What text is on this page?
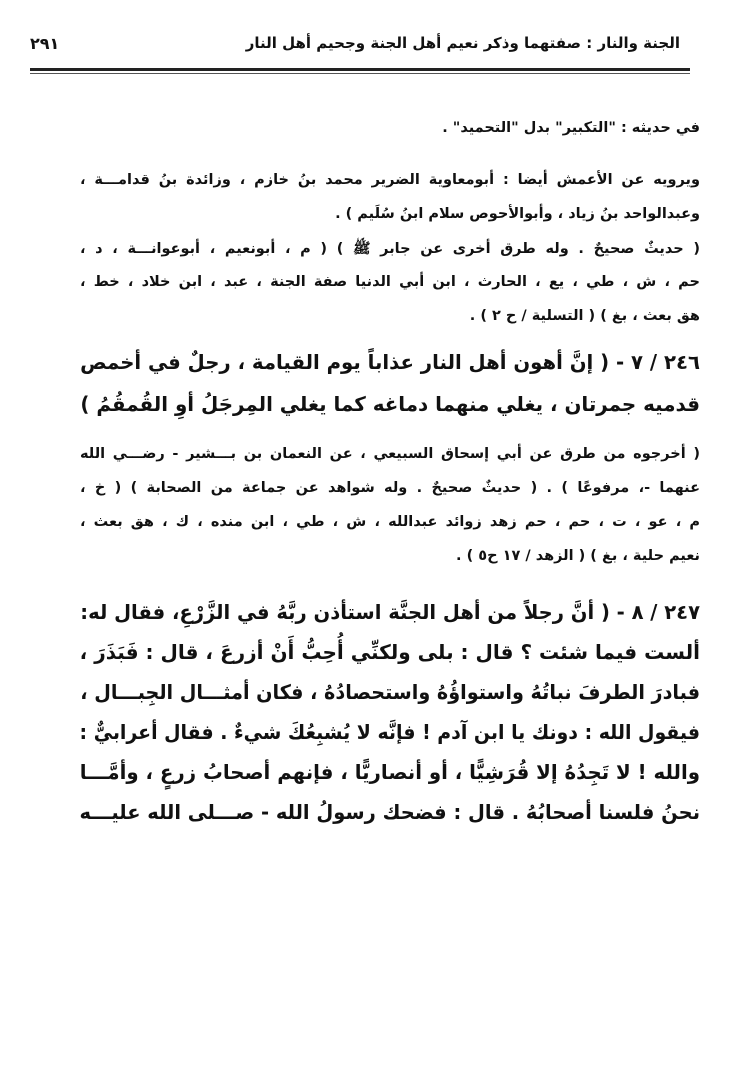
الجنة والنار : صفتهما وذكر نعيم أهل الجنة وجحيم أهل النار
٢٩١
في حديثه : "التكبير" بدل "التحميد" .
ويرويه عن الأعمش أيضا : أبومعاوية الضرير محمد بنُ خازم ، وزائدة بنُ قدامـــة ،
وعبدالواحد بنُ زياد ، وأبوالأحوص سلام ابنُ سُلَيم ) .
( حديثٌ صحيحٌ . وله طرق أخرى عن جابر ﷺ ) ( م ، أبونعيم ، أبوعوانـــة ، د ،
حم ، ش ، طي ، يع ، الحارث ، ابن أبي الدنيا صفة الجنة ، عبد ، ابن خلاد ، خط ،
هق بعث ، بغ ) ( التسلية / ح ٢ ) .
٢٤٦ / ٧ - ( إنَّ أهون أهل النار عذاباً يوم القيامة ، رجلٌ في أخمص
قدميه جمرتان ، يغلي منهما دماغه كما يغلي المِرجَلُ أوِ القُمقُمُ )
( أخرجوه من طرق عن أبي إسحاق السبيعي ، عن النعمان بن بـــشير - رضـــي الله
عنهما -، مرفوعًا ) . ( حديثٌ صحيحٌ . وله شواهد عن جماعة من الصحابة ) ( خ ،
م ، عو ، ت ، حم ، حم زهد زوائد عبدالله ، ش ، طي ، ابن منده ، ك ، هق بعث ،
نعيم حلية ، بغ ) ( الزهد / ١٧ ح٥ ) .
٢٤٧ / ٨ - ( أنَّ رجلاً من أهل الجنَّة استأذن ربَّهُ في الزَّرْعِ، فقال له:
ألست فيما شئت ؟ قال : بلى ولكنِّي أُحِبُّ أَنْ أزرعَ ، قال : فَبَذَرَ ،
فبادرَ الطرفَ نباتُهُ واستواؤُهُ واستحصادُهُ ، فكان أمثـــال الجِبـــال ،
فيقول الله : دونك يا ابن آدم ! فإنَّه لا يُشبِعُكَ شيءٌ . فقال أعرابيٌّ :
والله ! لا تَجِدُهُ إلا قُرَشِيًّا ، أو أنصاريًّا ، فإنهم أصحابُ زرعٍ ، وأمَّـــا
نحنُ فلسنا أصحابُهُ . قال : فضحك رسولُ الله - صـــلى الله عليـــه
